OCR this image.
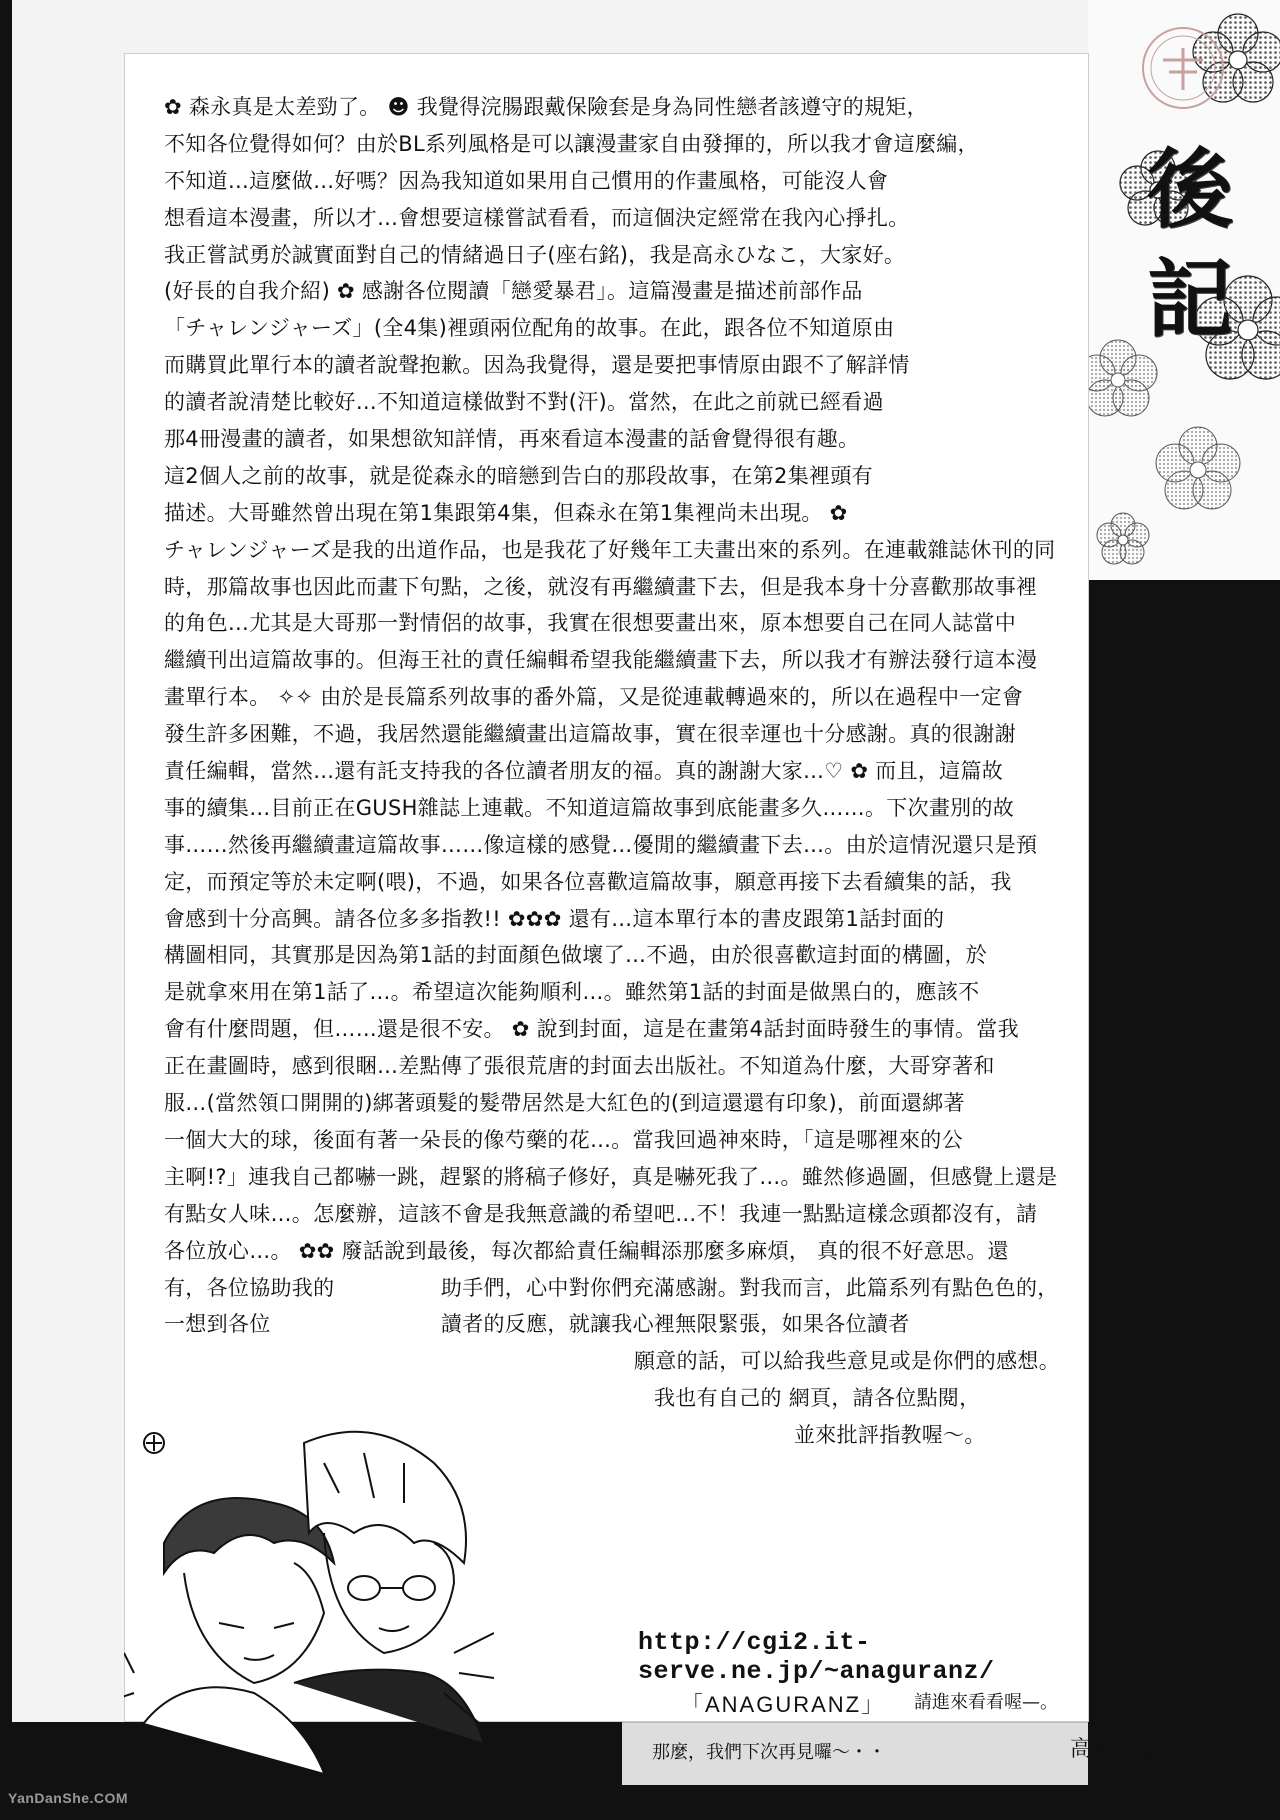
後
記
✿ 森永真是太差勁了。 ☻ 我覺得浣腸跟戴保險套是身為同性戀者該遵守的規矩，
不知各位覺得如何？由於BL系列風格是可以讓漫畫家自由發揮的，所以我才會這麼編，
不知道…這麼做…好嗎？因為我知道如果用自己慣用的作畫風格，可能沒人會
想看這本漫畫，所以才…會想要這樣嘗試看看，而這個決定經常在我內心掙扎。
我正嘗試勇於誠實面對自己的情緒過日子(座右銘)，我是高永ひなこ，大家好。
(好長的自我介紹) ✿ 感謝各位閱讀「戀愛暴君」。這篇漫畫是描述前部作品
「チャレンジャーズ」(全4集)裡頭兩位配角的故事。在此，跟各位不知道原由
而購買此單行本的讀者說聲抱歉。因為我覺得，還是要把事情原由跟不了解詳情
的讀者說清楚比較好…不知道這樣做對不對(汗)。當然，在此之前就已經看過
那4冊漫畫的讀者，如果想欲知詳情，再來看這本漫畫的話會覺得很有趣。
這2個人之前的故事，就是從森永的暗戀到告白的那段故事，在第2集裡頭有
描述。大哥雖然曾出現在第1集跟第4集，但森永在第1集裡尚未出現。 ✿
チャレンジャーズ是我的出道作品，也是我花了好幾年工夫畫出來的系列。在連載雜誌休刊的同
時，那篇故事也因此而畫下句點，之後，就沒有再繼續畫下去，但是我本身十分喜歡那故事裡
的角色…尤其是大哥那一對情侶的故事，我實在很想要畫出來，原本想要自己在同人誌當中
繼續刊出這篇故事的。但海王社的責任編輯希望我能繼續畫下去，所以我才有辦法發行這本漫
畫單行本。 ✧✧ 由於是長篇系列故事的番外篇，又是從連載轉過來的，所以在過程中一定會
發生許多困難，不過，我居然還能繼續畫出這篇故事，實在很幸運也十分感謝。真的很謝謝
責任編輯，當然…還有託支持我的各位讀者朋友的福。真的謝謝大家…♡ ✿ 而且，這篇故
事的續集…目前正在GUSH雜誌上連載。不知道這篇故事到底能畫多久……。下次畫別的故
事……然後再繼續畫這篇故事……像這樣的感覺…優閒的繼續畫下去…。由於這情況還只是預
定，而預定等於未定啊(喂)，不過，如果各位喜歡這篇故事，願意再接下去看續集的話，我
會感到十分高興。請各位多多指教!! ✿✿✿ 還有…這本單行本的書皮跟第1話封面的
構圖相同，其實那是因為第1話的封面顏色做壞了…不過，由於很喜歡這封面的構圖，於
是就拿來用在第1話了…。希望這次能夠順利…。雖然第1話的封面是做黑白的，應該不
會有什麼問題，但……還是很不安。 ✿ 說到封面，這是在畫第4話封面時發生的事情。當我
正在畫圖時，感到很睏…差點傳了張很荒唐的封面去出版社。不知道為什麼，大哥穿著和
服…(當然領口開開的)綁著頭髮的髮帶居然是大紅色的(到這還還有印象)，前面還綁著
一個大大的球，後面有著一朵長的像芍藥的花…。當我回過神來時，「這是哪裡來的公
主啊!?」連我自己都嚇一跳，趕緊的將稿子修好，真是嚇死我了…。雖然修過圖，但感覺上還是
有點女人味…。怎麼辦，這該不會是我無意識的希望吧…不！我連一點點這樣念頭都沒有，請
各位放心…。 ✿✿ 廢話說到最後，每次都給責任編輯添那麼多麻煩， 真的很不好意思。還
有，各位協助我的　　　　　助手們，心中對你們充滿感謝。對我而言，此篇系列有點色色的，
一想到各位　　　　　　　　讀者的反應，就讓我心裡無限緊張，如果各位讀者
願意的話，可以給我些意見或是你們的感想。
我也有自己的 網頁，請各位點閱，
並來批評指教喔～。
http://cgi2.it-serve.ne.jp/~anaguranz/
「ANAGURANZ」 請進來看看喔—。
那麼，我們下次再見囉～・・	高永ひなこ✿
YanDanShe.COM
